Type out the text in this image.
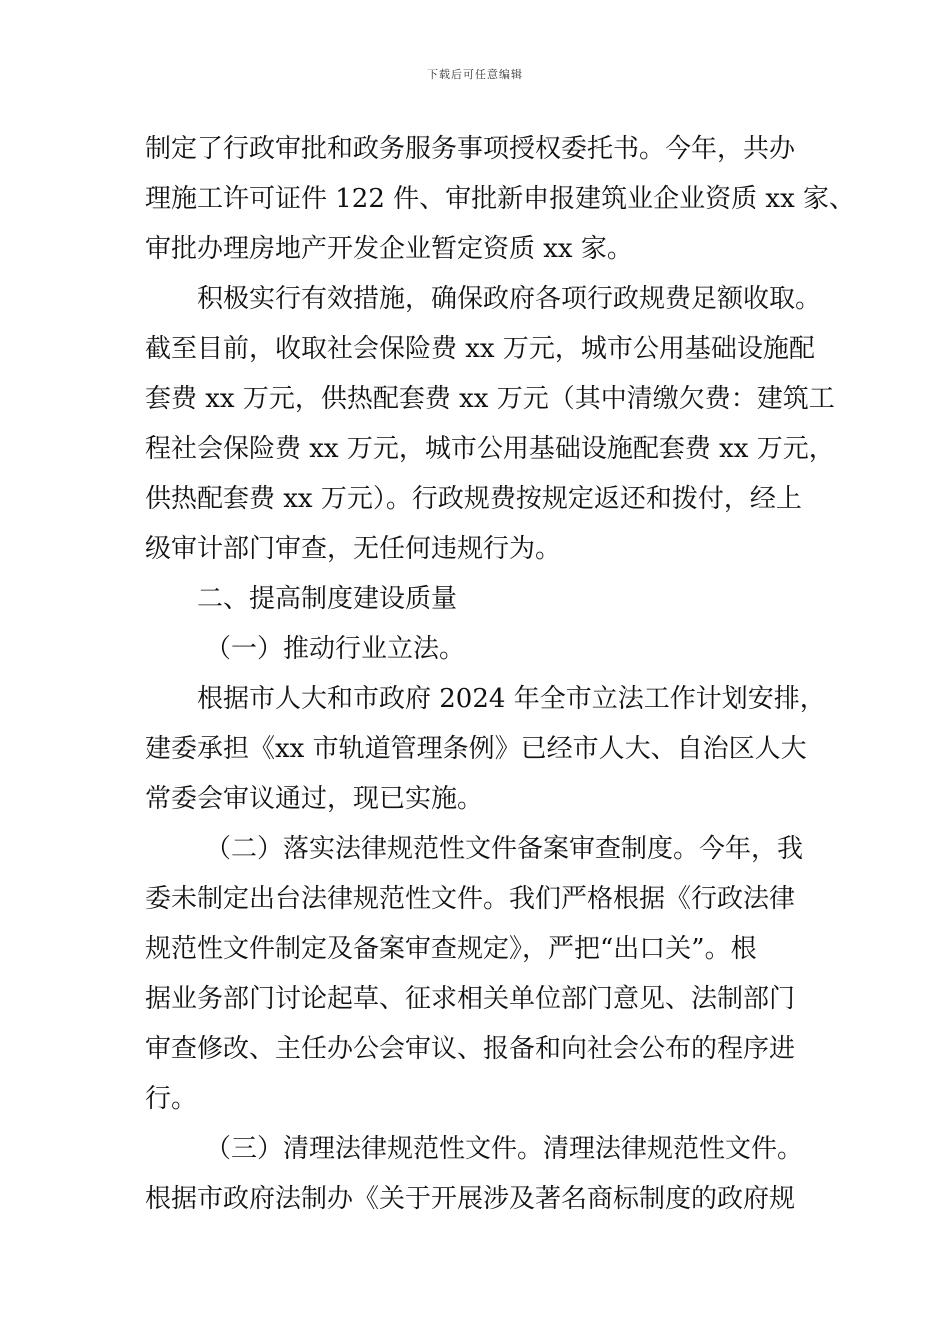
下载后可任意编辑
制定了行政审批和政务服务事项授权委托书。今年，共办
理施工许可证件 122 件、审批新申报建筑业企业资质 xx 家、
审批办理房地产开发企业暂定资质 xx 家。
积极实行有效措施，确保政府各项行政规费足额收取。
截至目前，收取社会保险费 xx 万元，城市公用基础设施配
套费 xx 万元，供热配套费 xx 万元（其中清缴欠费：建筑工
程社会保险费 xx 万元，城市公用基础设施配套费 xx 万元，
供热配套费 xx 万元）。行政规费按规定返还和拨付，经上
级审计部门审查，无任何违规行为。
二、提高制度建设质量
（一）推动行业立法。
根据市人大和市政府 2024 年全市立法工作计划安排，
建委承担《xx 市轨道管理条例》已经市人大、自治区人大
常委会审议通过，现已实施。
（二）落实法律规范性文件备案审查制度。今年，我
委未制定出台法律规范性文件。我们严格根据《行政法律
规范性文件制定及备案审查规定》，严把“出口关”。根
据业务部门讨论起草、征求相关单位部门意见、法制部门
审查修改、主任办公会审议、报备和向社会公布的程序进
行。
（三）清理法律规范性文件。清理法律规范性文件。
根据市政府法制办《关于开展涉及著名商标制度的政府规
